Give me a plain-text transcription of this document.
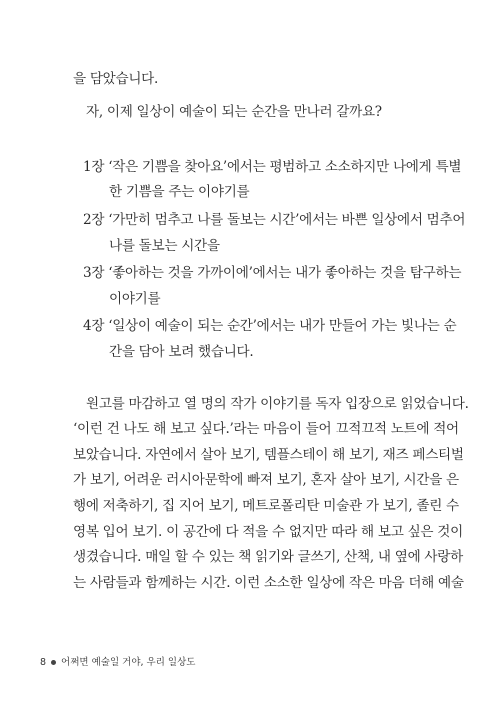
을 담았습니다.
자, 이제 일상이 예술이 되는 순간을 만나러 갈까요?
1장 ‘작은 기쁨을 찾아요’에서는 평범하고 소소하지만 나에게 특별
한 기쁨을 주는 이야기를
2장 ‘가만히 멈추고 나를 돌보는 시간’에서는 바쁜 일상에서 멈추어
나를 돌보는 시간을
3장 ‘좋아하는 것을 가까이에’에서는 내가 좋아하는 것을 탐구하는
이야기를
4장 ‘일상이 예술이 되는 순간’에서는 내가 만들어 가는 빛나는 순
간을 담아 보려 했습니다.
원고를 마감하고 열 명의 작가 이야기를 독자 입장으로 읽었습니다.
‘이런 건 나도 해 보고 싶다.’라는 마음이 들어 끄적끄적 노트에 적어
보았습니다. 자연에서 살아 보기, 템플스테이 해 보기, 재즈 페스티벌
가 보기, 어려운 러시아문학에 빠져 보기, 혼자 살아 보기, 시간을 은
행에 저축하기, 집 지어 보기, 메트로폴리탄 미술관 가 보기, 졸린 수
영복 입어 보기. 이 공간에 다 적을 수 없지만 따라 해 보고 싶은 것이
생겼습니다. 매일 할 수 있는 책 읽기와 글쓰기, 산책, 내 옆에 사랑하
는 사람들과 함께하는 시간. 이런 소소한 일상에 작은 마음 더해 예술
8 어쩌면 예술일 거야, 우리 일상도
